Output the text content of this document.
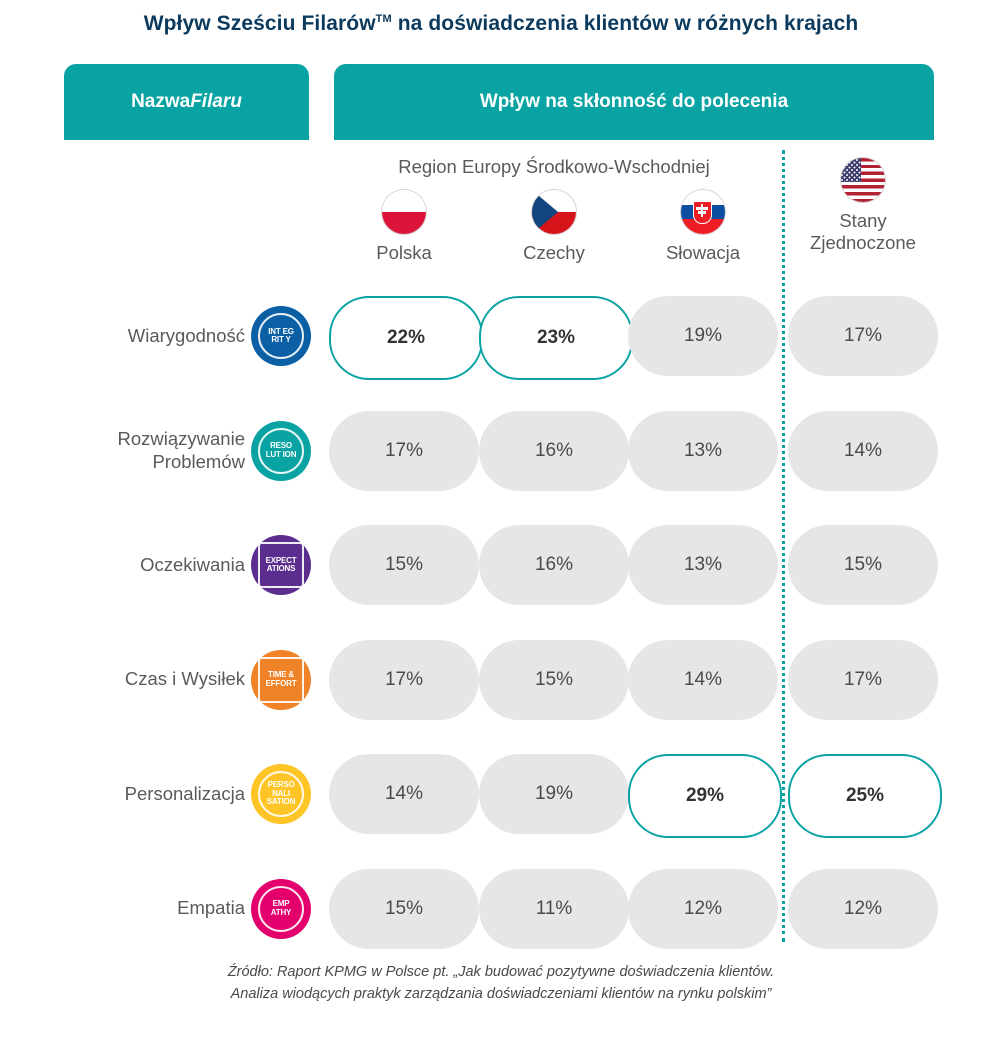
Wpływ Sześciu Filarów™ na doświadczenia klientów w różnych krajach
Nazwa Filaru	Wpływ na skłonność do polecenia
Region Europy Środkowo-Wschodniej
Polska	Czechy	Słowacja
Stany
Zjednoczone
Wiarygodność	INT EG RIT Y	22%	23%	19%	17%
Rozwiązywanie
Problemów
RESO LUT ION	17%	16%	13%	14%
Oczekiwania	EXPECT ATIONS	15%	16%	13%	15%
Czas i Wysiłek	TIME & EFFORT	17%	15%	14%	17%
Personalizacja	PERSO NALI SATION	14%	19%	29%	25%
Empatia	EMP ATHY	15%	11%	12%	12%
Źródło: Raport KPMG w Polsce pt. „Jak budować pozytywne doświadczenia klientów.
Analiza wiodących praktyk zarządzania doświadczeniami klientów na rynku polskim”
